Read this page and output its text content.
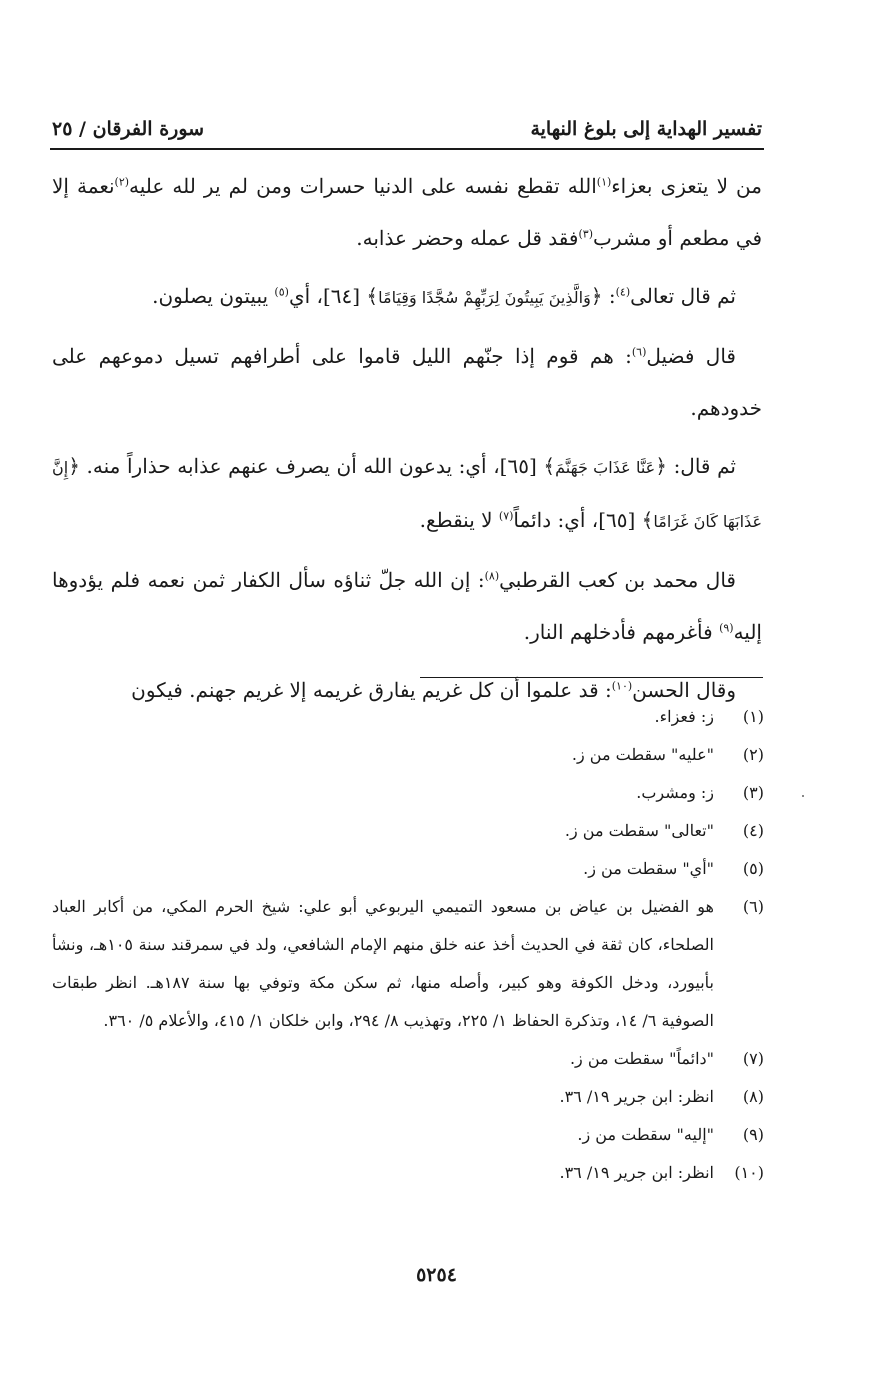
تفسير الهداية إلى بلوغ النهاية
سورة الفرقان / ٢٥

من لا يتعزى بعزاء$^{(١)}$الله تقطع نفسه على الدنيا حسرات ومن لم ير لله عليه$^{(٢)}$نعمة إلا في مطعم أو مشرب$^{(٣)}$فقد قل عمله وحضر عذابه.

ثم قال تعالى$^{(٤)}$: ﴿وَالَّذِينَ يَبِيتُونَ لِرَبِّهِمْ سُجَّدًا وَقِيَامًا﴾ [٦٤]، أي$^{(٥)}$ يبيتون يصلون.

قال فضيل$^{(٦)}$: هم قوم إذا جنّهم الليل قاموا على أطرافهم تسيل دموعهم على خدودهم.

ثم قال: ﴿عَنَّا عَذَابَ جَهَنَّمَ﴾ [٦٥]، أي: يدعون الله أن يصرف عنهم عذابه حذاراً منه. ﴿إِنَّ عَذَابَهَا كَانَ غَرَامًا﴾ [٦٥]، أي: دائماً$^{(٧)}$ لا ينقطع.

قال محمد بن كعب القرطبي$^{(٨)}$: إن الله جلّ ثناؤه سأل الكفار ثمن نعمه فلم يؤدوها إليه$^{(٩)}$ فأغرمهم فأدخلهم النار.

وقال الحسن$^{(١٠)}$: قد علموا أن كل غريم يفارق غريمه إلا غريم جهنم. فيكون

(١)
ز: فعزاء.
(٢)
"عليه" سقطت من ز.
(٣)
ز: ومشرب.
(٤)
"تعالى" سقطت من ز.
(٥)
"أي" سقطت من ز.
(٦)
هو الفضيل بن عياض بن مسعود التميمي اليربوعي أبو علي: شيخ الحرم المكي، من أكابر العباد الصلحاء، كان ثقة في الحديث أخذ عنه خلق منهم الإمام الشافعي، ولد في سمرقند سنة ١٠٥هـ، ونشأ بأبيورد، ودخل الكوفة وهو كبير، وأصله منها، ثم سكن مكة وتوفي بها سنة ١٨٧هـ. انظر طبقات الصوفية ٦/ ١٤، وتذكرة الحفاظ ١/ ٢٢٥، وتهذيب ٨/ ٢٩٤، وابن خلكان ١/ ٤١٥، والأعلام ٥/ ٣٦٠.
(٧)
"دائماً" سقطت من ز.
(٨)
انظر: ابن جرير ١٩/ ٣٦.
(٩)
"إليه" سقطت من ز.
(١٠)
انظر: ابن جرير ١٩/ ٣٦.
٥٢٥٤
